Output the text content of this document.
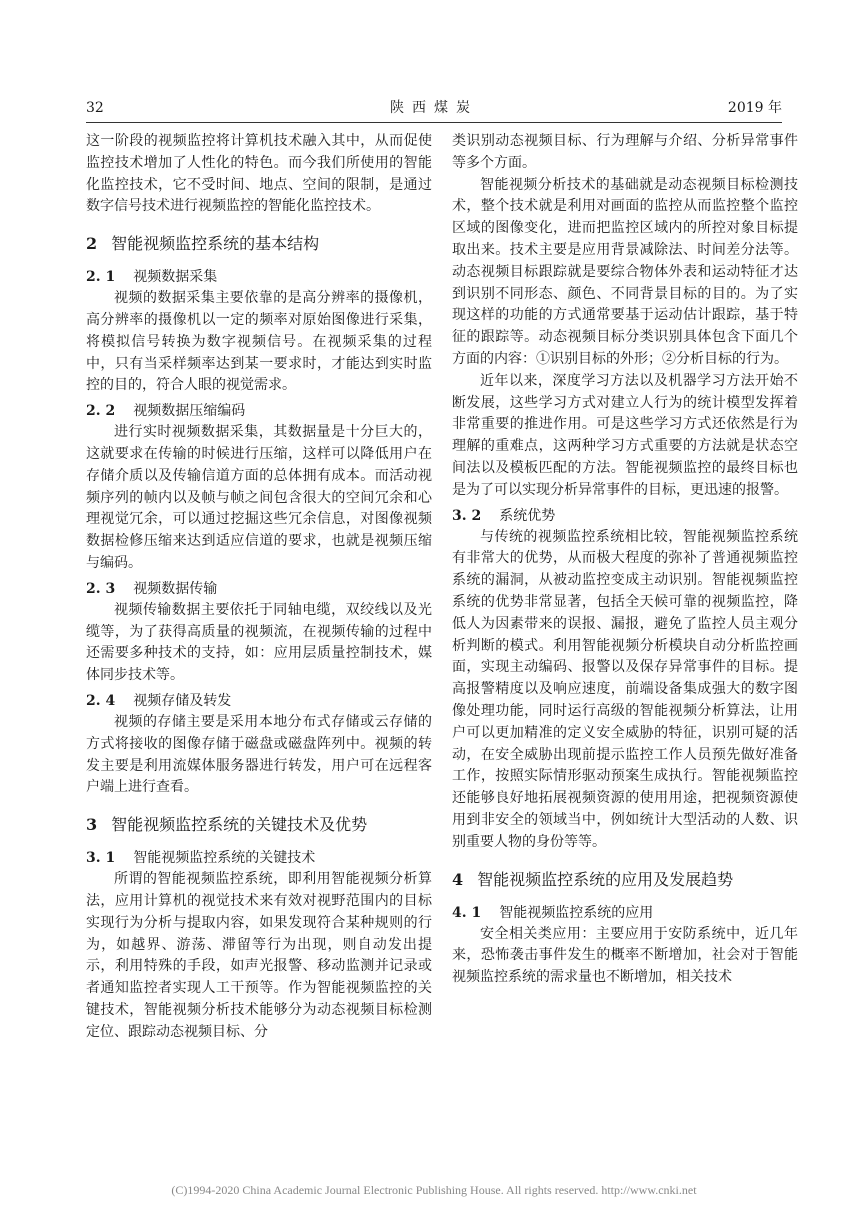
32	陕西煤炭	2019 年

这一阶段的视频监控将计算机技术融入其中，从而促使监控技术增加了人性化的特色。而今我们所使用的智能化监控技术，它不受时间、地点、空间的限制，是通过数字信号技术进行视频监控的智能化监控技术。

2 智能视频监控系统的基本结构
2. 1 视频数据采集

视频的数据采集主要依靠的是高分辨率的摄像机，高分辨率的摄像机以一定的频率对原始图像进行采集，将模拟信号转换为数字视频信号。在视频采集的过程中，只有当采样频率达到某一要求时，才能达到实时监控的目的，符合人眼的视觉需求。

2. 2 视频数据压缩编码

进行实时视频数据采集，其数据量是十分巨大的，这就要求在传输的时候进行压缩，这样可以降低用户在存储介质以及传输信道方面的总体拥有成本。而活动视频序列的帧内以及帧与帧之间包含很大的空间冗余和心理视觉冗余，可以通过挖掘这些冗余信息，对图像视频数据检修压缩来达到适应信道的要求，也就是视频压缩与编码。

2. 3 视频数据传输

视频传输数据主要依托于同轴电缆，双绞线以及光缆等，为了获得高质量的视频流，在视频传输的过程中还需要多种技术的支持，如：应用层质量控制技术，媒体同步技术等。

2. 4 视频存储及转发

视频的存储主要是采用本地分布式存储或云存储的方式将接收的图像存储于磁盘或磁盘阵列中。视频的转发主要是利用流媒体服务器进行转发，用户可在远程客户端上进行查看。

3 智能视频监控系统的关键技术及优势
3. 1 智能视频监控系统的关键技术

所谓的智能视频监控系统，即利用智能视频分析算法，应用计算机的视觉技术来有效对视野范围内的目标实现行为分析与提取内容，如果发现符合某种规则的行为，如越界、游荡、滞留等行为出现，则自动发出提示，利用特殊的手段，如声光报警、移动监测并记录或者通知监控者实现人工干预等。作为智能视频监控的关键技术，智能视频分析技术能够分为动态视频目标检测定位、跟踪动态视频目标、分

类识别动态视频目标、行为理解与介绍、分析异常事件等多个方面。

智能视频分析技术的基础就是动态视频目标检测技术，整个技术就是利用对画面的监控从而监控整个监控区域的图像变化，进而把监控区域内的所控对象目标提取出来。技术主要是应用背景减除法、时间差分法等。动态视频目标跟踪就是要综合物体外表和运动特征才达到识别不同形态、颜色、不同背景目标的目的。为了实现这样的功能的方式通常要基于运动估计跟踪，基于特征的跟踪等。动态视频目标分类识别具体包含下面几个方面的内容：①识别目标的外形；②分析目标的行为。

近年以来，深度学习方法以及机器学习方法开始不断发展，这些学习方式对建立人行为的统计模型发挥着非常重要的推进作用。可是这些学习方式还依然是行为理解的重难点，这两种学习方式重要的方法就是状态空间法以及模板匹配的方法。智能视频监控的最终目标也是为了可以实现分析异常事件的目标，更迅速的报警。

3. 2 系统优势

与传统的视频监控系统相比较，智能视频监控系统有非常大的优势，从而极大程度的弥补了普通视频监控系统的漏洞，从被动监控变成主动识别。智能视频监控系统的优势非常显著，包括全天候可靠的视频监控，降低人为因素带来的误报、漏报，避免了监控人员主观分析判断的模式。利用智能视频分析模块自动分析监控画面，实现主动编码、报警以及保存异常事件的目标。提高报警精度以及响应速度，前端设备集成强大的数字图像处理功能，同时运行高级的智能视频分析算法，让用户可以更加精准的定义安全威胁的特征，识别可疑的活动，在安全威胁出现前提示监控工作人员预先做好准备工作，按照实际情形驱动预案生成执行。智能视频监控还能够良好地拓展视频资源的使用用途，把视频资源使用到非安全的领域当中，例如统计大型活动的人数、识别重要人物的身份等等。

4 智能视频监控系统的应用及发展趋势
4. 1 智能视频监控系统的应用

安全相关类应用：主要应用于安防系统中，近几年来，恐怖袭击事件发生的概率不断增加，社会对于智能视频监控系统的需求量也不断增加，相关技术

(C)1994-2020 China Academic Journal Electronic Publishing House. All rights reserved. http://www.cnki.net
